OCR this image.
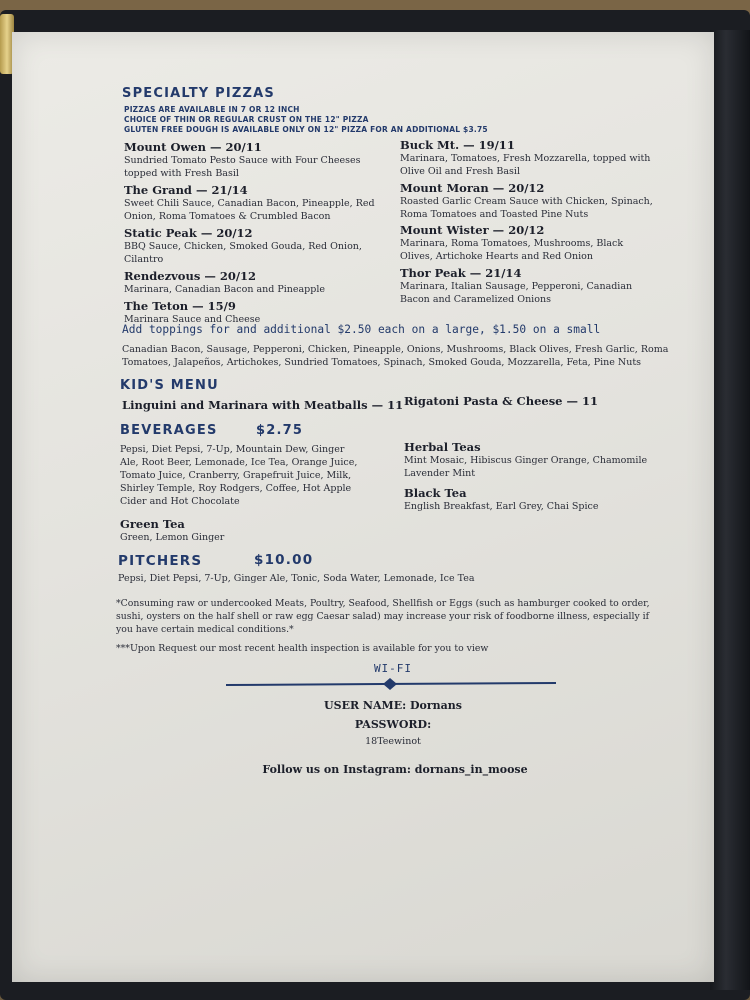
SPECIALTY PIZZAS
PIZZAS ARE AVAILABLE IN 7 OR 12 INCH
CHOICE OF THIN OR REGULAR CRUST ON THE 12" PIZZA
GLUTEN FREE DOUGH IS AVAILABLE ONLY ON 12" PIZZA FOR AN ADDITIONAL $3.75
Mount Owen — 20/11
Sundried Tomato Pesto Sauce with Four Cheeses
topped with Fresh Basil
The Grand — 21/14
Sweet Chili Sauce, Canadian Bacon, Pineapple, Red
Onion, Roma Tomatoes & Crumbled Bacon
Static Peak — 20/12
BBQ Sauce, Chicken, Smoked Gouda, Red Onion,
Cilantro
Rendezvous — 20/12
Marinara, Canadian Bacon and Pineapple
The Teton — 15/9
Marinara Sauce and Cheese
Buck Mt. — 19/11
Marinara, Tomatoes, Fresh Mozzarella, topped with
Olive Oil and Fresh Basil
Mount Moran — 20/12
Roasted Garlic Cream Sauce with Chicken, Spinach,
Roma Tomatoes and Toasted Pine Nuts
Mount Wister — 20/12
Marinara, Roma Tomatoes, Mushrooms, Black
Olives, Artichoke Hearts and Red Onion
Thor Peak — 21/14
Marinara, Italian Sausage, Pepperoni, Canadian
Bacon and Caramelized Onions
Add toppings for and additional $2.50 each on a large, $1.50 on a small
Canadian Bacon, Sausage, Pepperoni, Chicken, Pineapple, Onions, Mushrooms, Black Olives, Fresh Garlic, Roma
Tomatoes, Jalapeños, Artichokes, Sundried Tomatoes, Spinach, Smoked Gouda, Mozzarella, Feta, Pine Nuts
KID'S MENU
Linguini and Marinara with Meatballs — 11 Rigatoni Pasta & Cheese — 11
BEVERAGES	$2.75
Pepsi, Diet Pepsi, 7-Up, Mountain Dew, Ginger
Ale, Root Beer, Lemonade, Ice Tea, Orange Juice,
Tomato Juice, Cranberry, Grapefruit Juice, Milk,
Shirley Temple, Roy Rodgers, Coffee, Hot Apple
Cider and Hot Chocolate
Green Tea
Green, Lemon Ginger
Herbal Teas
Mint Mosaic, Hibiscus Ginger Orange, Chamomile
Lavender Mint
Black Tea
English Breakfast, Earl Grey, Chai Spice
PITCHERS	$10.00
Pepsi, Diet Pepsi, 7-Up, Ginger Ale, Tonic, Soda Water, Lemonade, Ice Tea
*Consuming raw or undercooked Meats, Poultry, Seafood, Shellfish or Eggs (such as hamburger cooked to order,
sushi, oysters on the half shell or raw egg Caesar salad) may increase your risk of foodborne illness, especially if
you have certain medical conditions.*
***Upon Request our most recent health inspection is available for you to view
WI-FI
USER NAME: Dornans
PASSWORD:
18Teewinot
Follow us on Instagram: dornans_in_moose
